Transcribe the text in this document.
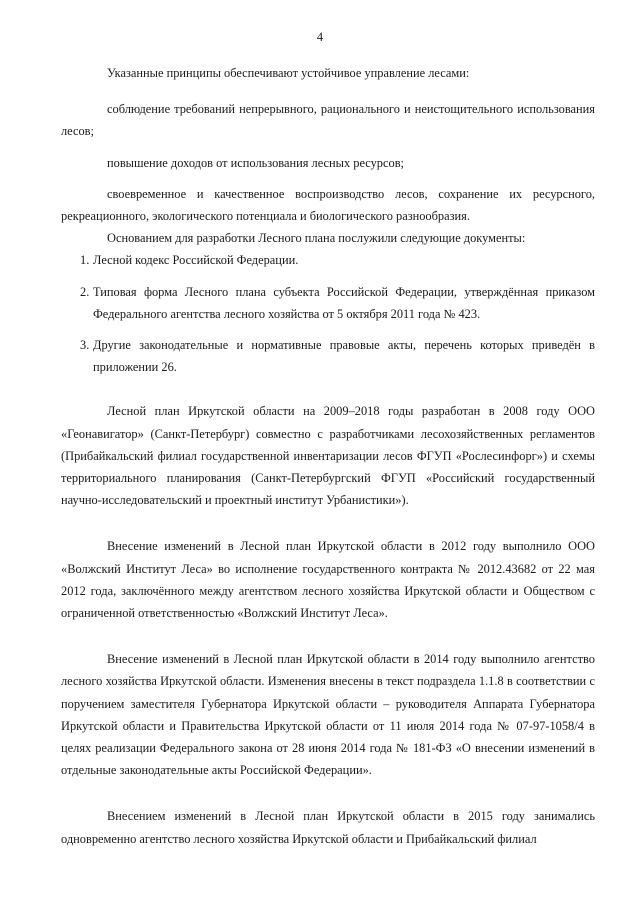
4

Указанные принципы обеспечивают устойчивое управление лесами:

соблюдение требований непрерывного, рационального и неистощительного использования лесов;

повышение доходов от использования лесных ресурсов;

своевременное и качественное воспроизводство лесов, сохранение их ресурсного, рекреационного, экологического потенциала и биологического разнообразия.

Основанием для разработки Лесного плана послужили следующие документы:

1. Лесной кодекс Российской Федерации.
2. Типовая форма Лесного плана субъекта Российской Федерации, утверждённая приказом Федерального агентства лесного хозяйства от 5 октября 2011 года № 423.
3. Другие законодательные и нормативные правовые акты, перечень которых приведён в приложении 26.

Лесной план Иркутской области на 2009–2018 годы разработан в 2008 году ООО «Геонавигатор» (Санкт-Петербург) совместно с разработчиками лесохозяйственных регламентов (Прибайкальский филиал государственной инвентаризации лесов ФГУП «Рослесинфорг») и схемы территориального планирования (Санкт-Петербургский ФГУП «Российский государственный научно-исследовательский и проектный институт Урбанистики»).

Внесение изменений в Лесной план Иркутской области в 2012 году выполнило ООО «Волжский Институт Леса» во исполнение государственного контракта № 2012.43682 от 22 мая 2012 года, заключённого между агентством лесного хозяйства Иркутской области и Обществом с ограниченной ответственностью «Волжский Институт Леса».

Внесение изменений в Лесной план Иркутской области в 2014 году выполнило агентство лесного хозяйства Иркутской области. Изменения внесены в текст подраздела 1.1.8 в соответствии с поручением заместителя Губернатора Иркутской области – руководителя Аппарата Губернатора Иркутской области и Правительства Иркутской области от 11 июля 2014 года № 07-97-1058/4 в целях реализации Федерального закона от 28 июня 2014 года № 181-ФЗ «О внесении изменений в отдельные законодательные акты Российской Федерации».

Внесением изменений в Лесной план Иркутской области в 2015 году занимались одновременно агентство лесного хозяйства Иркутской области и Прибайкальский филиал
